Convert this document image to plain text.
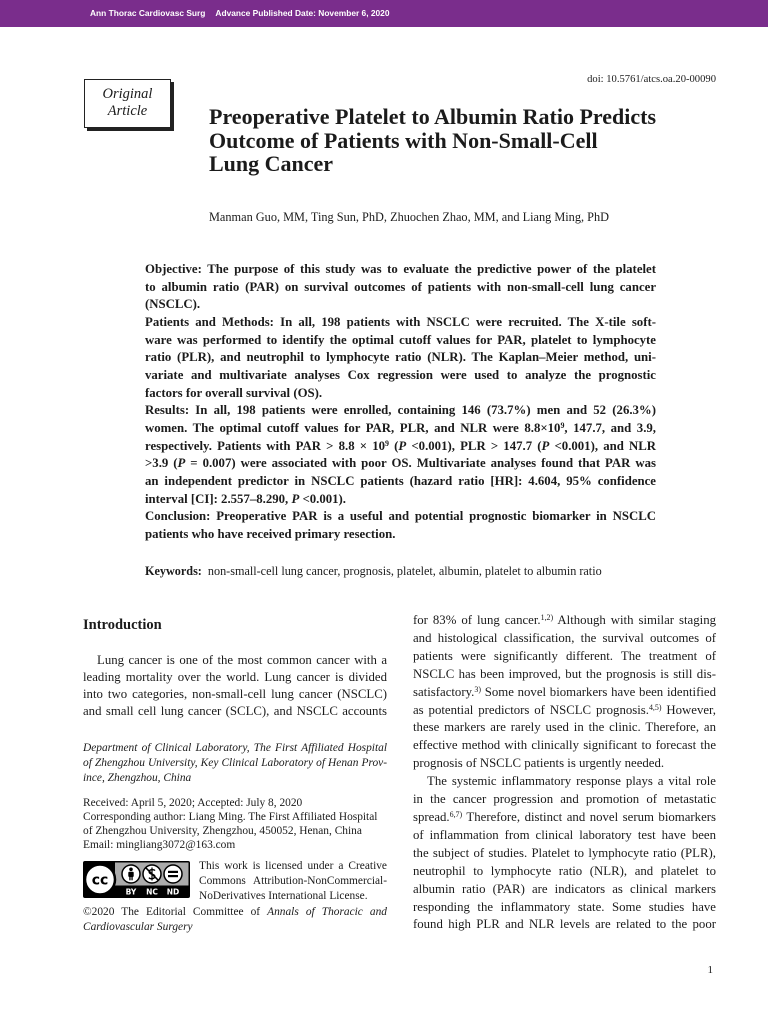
Ann Thorac Cardiovasc Surg Advance Published Date: November 6, 2020
doi: 10.5761/atcs.oa.20-00090
Original
Article	Preoperative Platelet to Albumin Ratio Predicts
Outcome of Patients with Non-Small-Cell
Lung Cancer
Manman Guo, MM, Ting Sun, PhD, Zhuochen Zhao, MM, and Liang Ming, PhD
Objective: The purpose of this study was to evaluate the predictive power of the platelet
to albumin ratio (PAR) on survival outcomes of patients with non-small-cell lung cancer
(NSCLC).
Patients and Methods: In all, 198 patients with NSCLC were recruited. The X-tile soft-
ware was performed to identify the optimal cutoff values for PAR, platelet to lymphocyte
ratio (PLR), and neutrophil to lymphocyte ratio (NLR). The Kaplan–Meier method, uni-
variate and multivariate analyses Cox regression were used to analyze the prognostic
factors for overall survival (OS).
Results: In all, 198 patients were enrolled, containing 146 (73.7%) men and 52 (26.3%)
women. The optimal cutoff values for PAR, PLR, and NLR were $8.8\times 10^9$, 147.7, and 3.9,
respectively. Patients with PAR > $8.8 \times 10^9$ (P <0.001), PLR > 147.7 (P <0.001), and NLR
>3.9 (P = 0.007) were associated with poor OS. Multivariate analyses found that PAR was
an independent predictor in NSCLC patients (hazard ratio [HR]: 4.604, 95% confidence
interval [CI]: 2.557–8.290, P <0.001).
Conclusion: Preoperative PAR is a useful and potential prognostic biomarker in NSCLC
patients who have received primary resection.
Keywords: non-small-cell lung cancer, prognosis, platelet, albumin, platelet to albumin ratio
Introduction
Lung cancer is one of the most common cancer with a
leading mortality over the world. Lung cancer is divided
into two categories, non-small-cell lung cancer (NSCLC)
and small cell lung cancer (SCLC), and NSCLC accounts
for 83% of lung cancer.$^{1,2)}$ Although with similar staging
and histological classification, the survival outcomes of
patients were significantly different. The treatment of
NSCLC has been improved, but the prognosis is still dis-
satisfactory.$^{3)}$ Some novel biomarkers have been identified
as potential predictors of NSCLC prognosis.$^{4,5)}$ However,
these markers are rarely used in the clinic. Therefore, an
effective method with clinically significant to forecast the
prognosis of NSCLC patients is urgently needed.
The systemic inflammatory response plays a vital role
in the cancer progression and promotion of metastatic
spread.$^{6,7)}$ Therefore, distinct and novel serum biomarkers
of inflammation from clinical laboratory test have been
the subject of studies. Platelet to lymphocyte ratio (PLR),
neutrophil to lymphocyte ratio (NLR), and platelet to
albumin ratio (PAR) are indicators as clinical markers
responding the inflammatory state. Some studies have
found high PLR and NLR levels are related to the poor
Department of Clinical Laboratory, The First Affiliated Hospital
of Zhengzhou University, Key Clinical Laboratory of Henan Prov-
ince, Zhengzhou, China
Received: April 5, 2020; Accepted: July 8, 2020
Corresponding author: Liang Ming. The First Affiliated Hospital
of Zhengzhou University, Zhengzhou, 450052, Henan, China
Email: mingliang3072@163.com
cc
BY NC ND
This work is licensed under a Creative
Commons Attribution-NonCommercial-
NoDerivatives International License.
©2020 The Editorial Committee of Annals of Thoracic and
Cardiovascular Surgery
1
